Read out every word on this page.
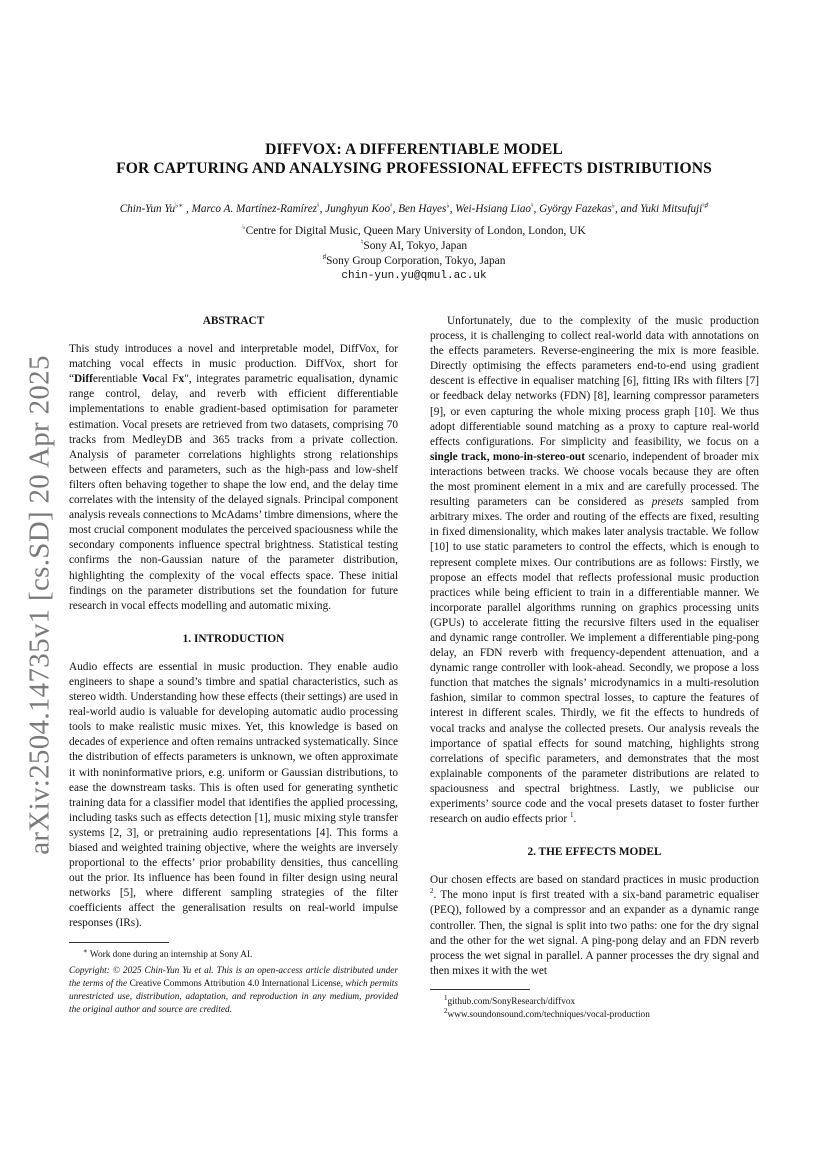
arXiv:2504.14735v1 [cs.SD] 20 Apr 2025
DIFFVOX: A DIFFERENTIABLE MODEL
FOR CAPTURING AND ANALYSING PROFESSIONAL EFFECTS DISTRIBUTIONS
Chin-Yun Yu♭∗ , Marco A. Martínez-Ramírez♮, Junghyun Koo♮, Ben Hayes♭, Wei-Hsiang Liao♮, György Fazekas♭, and Yuki Mitsufuji♮♯
♭Centre for Digital Music, Queen Mary University of London, London, UK
♮Sony AI, Tokyo, Japan
♯Sony Group Corporation, Tokyo, Japan
chin-yun.yu@qmul.ac.uk
ABSTRACT
This study introduces a novel and interpretable model, DiffVox, for matching vocal effects in music production. DiffVox, short for “Differentiable Vocal Fx", integrates parametric equalisation, dynamic range control, delay, and reverb with efficient differentiable implementations to enable gradient-based optimisation for parameter estimation. Vocal presets are retrieved from two datasets, comprising 70 tracks from MedleyDB and 365 tracks from a private collection. Analysis of parameter correlations highlights strong relationships between effects and parameters, such as the high-pass and low-shelf filters often behaving together to shape the low end, and the delay time correlates with the intensity of the delayed signals. Principal component analysis reveals connections to McAdams’ timbre dimensions, where the most crucial component modulates the perceived spaciousness while the secondary components influence spectral brightness. Statistical testing confirms the non-Gaussian nature of the parameter distribution, highlighting the complexity of the vocal effects space. These initial findings on the parameter distributions set the foundation for future research in vocal effects modelling and automatic mixing.
1. INTRODUCTION
Audio effects are essential in music production. They enable audio engineers to shape a sound’s timbre and spatial characteristics, such as stereo width. Understanding how these effects (their settings) are used in real-world audio is valuable for developing automatic audio processing tools to make realistic music mixes. Yet, this knowledge is based on decades of experience and often remains untracked systematically. Since the distribution of effects parameters is unknown, we often approximate it with noninformative priors, e.g. uniform or Gaussian distributions, to ease the downstream tasks. This is often used for generating synthetic training data for a classifier model that identifies the applied processing, including tasks such as effects detection [1], music mixing style transfer systems [2, 3], or pretraining audio representations [4]. This forms a biased and weighted training objective, where the weights are inversely proportional to the effects’ prior probability densities, thus cancelling out the prior. Its influence has been found in filter design using neural networks [5], where different sampling strategies of the filter coefficients affect the generalisation results on real-world impulse responses (IRs).
∗ Work done during an internship at Sony AI.
Copyright: © 2025 Chin-Yun Yu et al. This is an open-access article distributed under the terms of the Creative Commons Attribution 4.0 International License, which permits unrestricted use, distribution, adaptation, and reproduction in any medium, provided the original author and source are credited.
Unfortunately, due to the complexity of the music production process, it is challenging to collect real-world data with annotations on the effects parameters. Reverse-engineering the mix is more feasible. Directly optimising the effects parameters end-to-end using gradient descent is effective in equaliser matching [6], fitting IRs with filters [7] or feedback delay networks (FDN) [8], learning compressor parameters [9], or even capturing the whole mixing process graph [10]. We thus adopt differentiable sound matching as a proxy to capture real-world effects configurations. For simplicity and feasibility, we focus on a single track, mono-in-stereo-out scenario, independent of broader mix interactions between tracks. We choose vocals because they are often the most prominent element in a mix and are carefully processed. The resulting parameters can be considered as presets sampled from arbitrary mixes. The order and routing of the effects are fixed, resulting in fixed dimensionality, which makes later analysis tractable. We follow [10] to use static parameters to control the effects, which is enough to represent complete mixes. Our contributions are as follows: Firstly, we propose an effects model that reflects professional music production practices while being efficient to train in a differentiable manner. We incorporate parallel algorithms running on graphics processing units (GPUs) to accelerate fitting the recursive filters used in the equaliser and dynamic range controller. We implement a differentiable ping-pong delay, an FDN reverb with frequency-dependent attenuation, and a dynamic range controller with look-ahead. Secondly, we propose a loss function that matches the signals’ microdynamics in a multi-resolution fashion, similar to common spectral losses, to capture the features of interest in different scales. Thirdly, we fit the effects to hundreds of vocal tracks and analyse the collected presets. Our analysis reveals the importance of spatial effects for sound matching, highlights strong correlations of specific parameters, and demonstrates that the most explainable components of the parameter distributions are related to spaciousness and spectral brightness. Lastly, we publicise our experiments’ source code and the vocal presets dataset to foster further research on audio effects prior $^1$.
2. THE EFFECTS MODEL
Our chosen effects are based on standard practices in music production $^2$. The mono input is first treated with a six-band parametric equaliser (PEQ), followed by a compressor and an expander as a dynamic range controller. Then, the signal is split into two paths: one for the dry signal and the other for the wet signal. A ping-pong delay and an FDN reverb process the wet signal in parallel. A panner processes the dry signal and then mixes it with the wet
$^1$github.com/SonyResearch/diffvox
$^2$www.soundonsound.com/techniques/vocal-production
